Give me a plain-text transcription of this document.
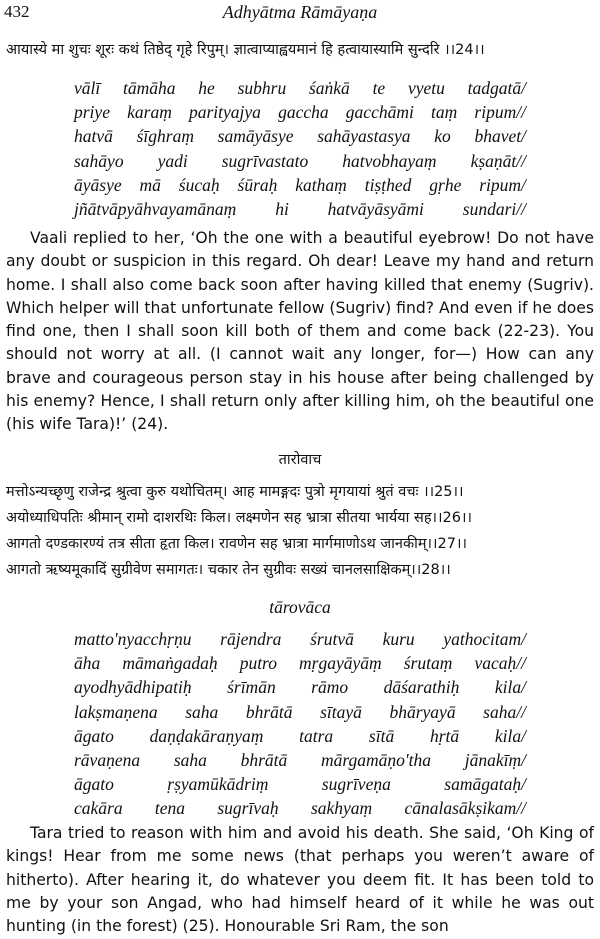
432	Adhyātma Rāmāyaṇa
आयास्ये मा शुचः शूरः कथं तिष्ठेद् गृहे रिपुम्। ज्ञात्वाप्याह्वयमानं हि हत्वायास्यामि सुन्दरि ।।24।।
vālī tāmāha he subhru śaṅkā te vyetu tadgatā/
priye karaṃ parityajya gaccha gacchāmi taṃ ripum//
hatvā śīghraṃ samāyāsye sahāyastasya ko bhavet/
sahāyo yadi sugrīvastato hatvobhayaṃ kṣaṇāt//
āyāsye mā śucaḥ śūraḥ kathaṃ tiṣṭhed gṛhe ripum/
jñātvāpyāhvayamānaṃ hi hatvāyāsyāmi sundari//
Vaali replied to her, ‘Oh the one with a beautiful eyebrow! Do not have any doubt or suspicion in this regard. Oh dear! Leave my hand and return home. I shall also come back soon after having killed that enemy (Sugriv). Which helper will that unfortunate fellow (Sugriv) find? And even if he does find one, then I shall soon kill both of them and come back (22-23). You should not worry at all. (I cannot wait any longer, for—) How can any brave and courageous person stay in his house after being challenged by his enemy? Hence, I shall return only after killing him, oh the beautiful one (his wife Tara)!’ (24).
तारोवाच
मत्तोऽन्यच्छृणु राजेन्द्र श्रुत्वा कुरु यथोचितम्। आह मामङ्गदः पुत्रो मृगयायां श्रुतं वचः ।।25।।
अयोध्याधिपतिः श्रीमान् रामो दाशरथिः किल। लक्ष्मणेन सह भ्रात्रा सीतया भार्यया सह।।26।।
आगतो दण्डकारण्यं तत्र सीता हृता किल। रावणेन सह भ्रात्रा मार्गमाणोऽथ जानकीम्।।27।।
आगतो ऋष्यमूकादिं सुग्रीवेण समागतः। चकार तेन सुग्रीवः सख्यं चानलसाक्षिकम्।।28।।
tārovāca
matto'nyacchṛṇu rājendra śrutvā kuru yathocitam/
āha māmaṅgadaḥ putro mṛgayāyāṃ śrutaṃ vacaḥ//
ayodhyādhipatiḥ śrīmān rāmo dāśarathiḥ kila/
lakṣmaṇena saha bhrātā sītayā bhāryayā saha//
āgato daṇḍakāraṇyaṃ tatra sītā hṛtā kila/
rāvaṇena saha bhrātā mārgamāṇo'tha jānakīṃ/
āgato	ṛṣyamūkādriṃ	sugrīveṇa	samāgataḥ/
cakāra tena sugrīvaḥ sakhyaṃ cānalasākṣikam//
Tara tried to reason with him and avoid his death. She said, ‘Oh King of kings! Hear from me some news (that perhaps you weren’t aware of hitherto). After hearing it, do whatever you deem fit. It has been told to me by your son Angad, who had himself heard of it while he was out hunting (in the forest) (25). Honourable Sri Ram, the son
